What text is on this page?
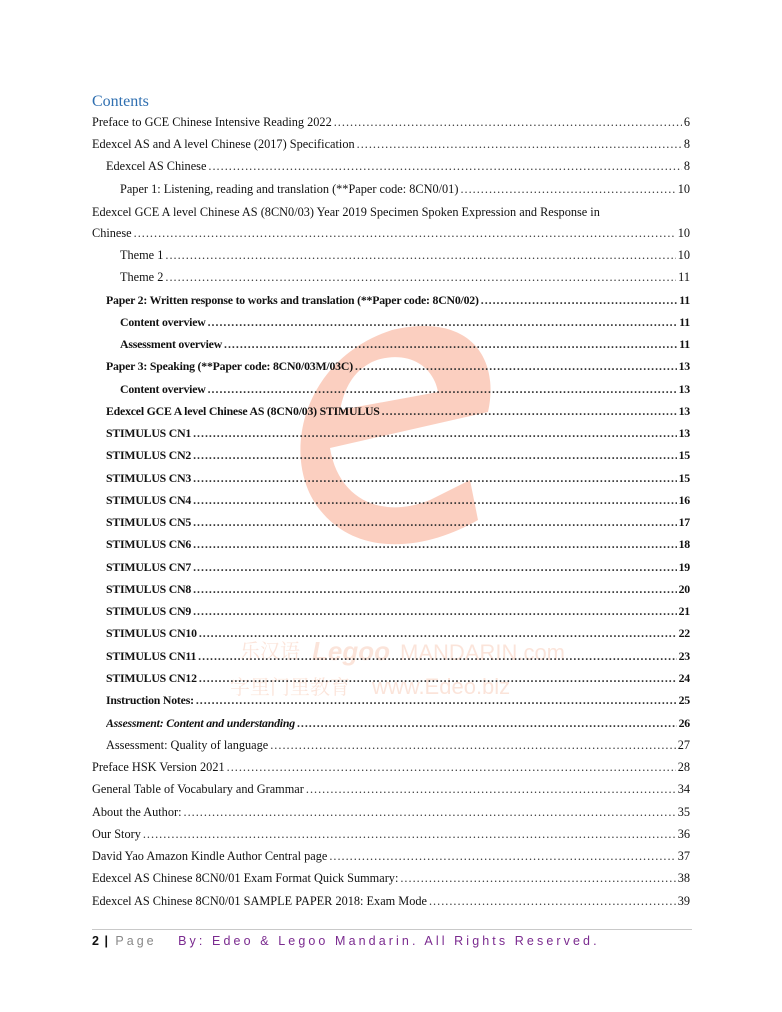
乐汉语 Legoo MANDARIN.com
字里门里教育 www.Edeo.biz
Contents
Preface to GCE Chinese Intensive Reading 2022 .....	6
Edexcel AS and A level Chinese (2017) Specification .....	8
Edexcel AS Chinese .....	8
Paper 1: Listening, reading and translation (**Paper code: 8CN0/01) .....	10
Edexcel GCE A level Chinese AS (8CN0/03) Year 2019 Specimen Spoken Expression and Response in
Chinese .....	10
Theme 1 .....	10
Theme 2 .....	11
Paper 2: Written response to works and translation (**Paper code: 8CN0/02) .....	11
Content overview .....	11
Assessment overview .....	11
Paper 3: Speaking (**Paper code: 8CN0/03M/03C) .....	13
Content overview .....	13
Edexcel GCE A level Chinese AS (8CN0/03) STIMULUS .....	13
STIMULUS CN1 .....	13
STIMULUS CN2 .....	15
STIMULUS CN3 .....	15
STIMULUS CN4 .....	16
STIMULUS CN5 .....	17
STIMULUS CN6 .....	18
STIMULUS CN7 .....	19
STIMULUS CN8 .....	20
STIMULUS CN9 .....	21
STIMULUS CN10 .....	22
STIMULUS CN11 .....	23
STIMULUS CN12 .....	24
Instruction Notes: .....	25
Assessment: Content and understanding .....	26
Assessment: Quality of language .....	27
Preface HSK Version 2021 .....	28
General Table of Vocabulary and Grammar .....	34
About the Author: .....	35
Our Story .....	36
David Yao Amazon Kindle Author Central page .....	37
Edexcel AS Chinese 8CN0/01 Exam Format Quick Summary: .....	38
Edexcel AS Chinese 8CN0/01 SAMPLE PAPER 2018: Exam Mode .....	39
2 | Page By: Edeo & Legoo Mandarin. All Rights Reserved.
